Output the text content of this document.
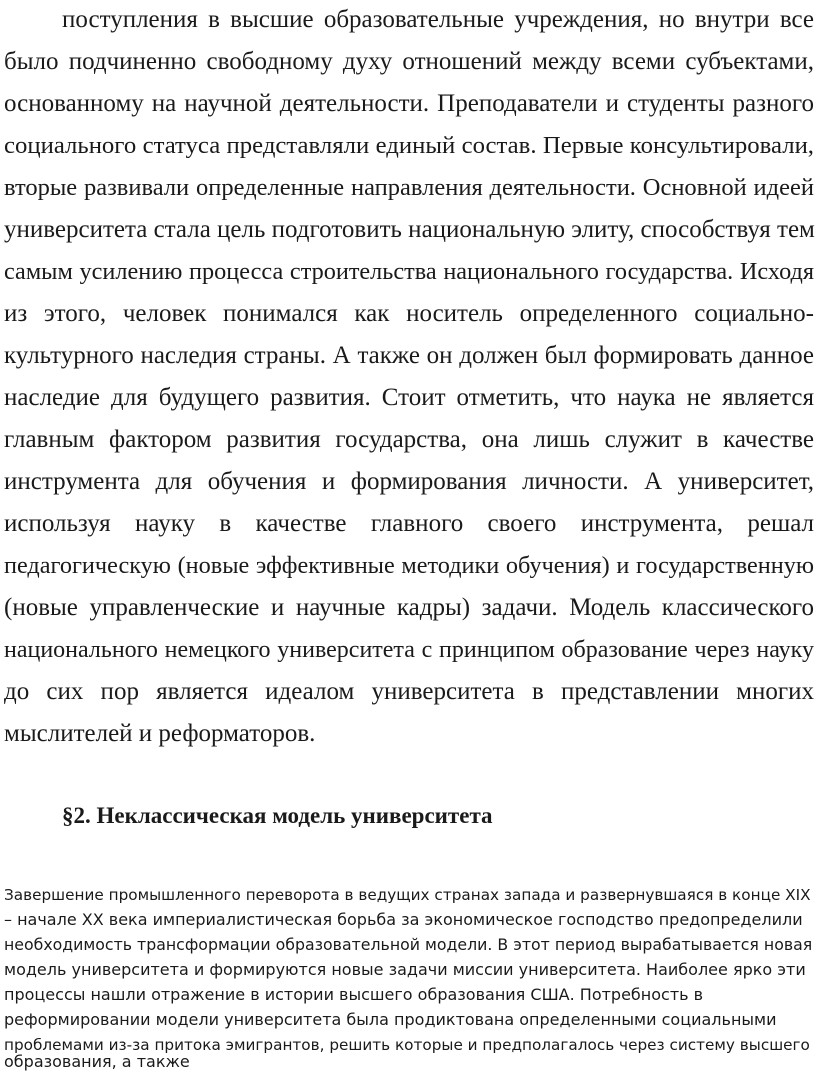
поступления в высшие образовательные учреждения, но внутри все
было подчиненно свободному духу отношений между всеми субъектами,
основанному на научной деятельности. Преподаватели и студенты разного
социального статуса представляли единый состав. Первые консультировали,
вторые развивали определенные направления деятельности. Основной идеей
университета стала цель подготовить национальную элиту, способствуя тем
самым усилению процесса строительства национального государства. Исходя
из этого, человек понимался как носитель определенного социально-
культурного наследия страны. А также он должен был формировать данное
наследие для будущего развития. Стоит отметить, что наука не является
главным фактором развития государства, она лишь служит в качестве
инструмента для обучения и формирования личности. А университет,
используя науку в качестве главного своего инструмента, решал
педагогическую (новые эффективные методики обучения) и государственную
(новые управленческие и научные кадры) задачи. Модель классического
национального немецкого университета с принципом образование через науку
до сих пор является идеалом университета в представлении многих
мыслителей и реформаторов.
§2. Неклассическая модель университета
Завершение промышленного переворота в ведущих странах запада и развернувшаяся в конце XIX
– начале XX века империалистическая борьба за экономическое господство предопределили
необходимость трансформации образовательной модели. В этот период вырабатывается новая
модель университета и формируются новые задачи миссии университета. Наиболее ярко эти
процессы нашли отражение в истории высшего образования США. Потребность в
реформировании модели университета была продиктована определенными социальными
проблемами из-за притока эмигрантов, решить которые и предполагалось через систему высшего
образования, а также
